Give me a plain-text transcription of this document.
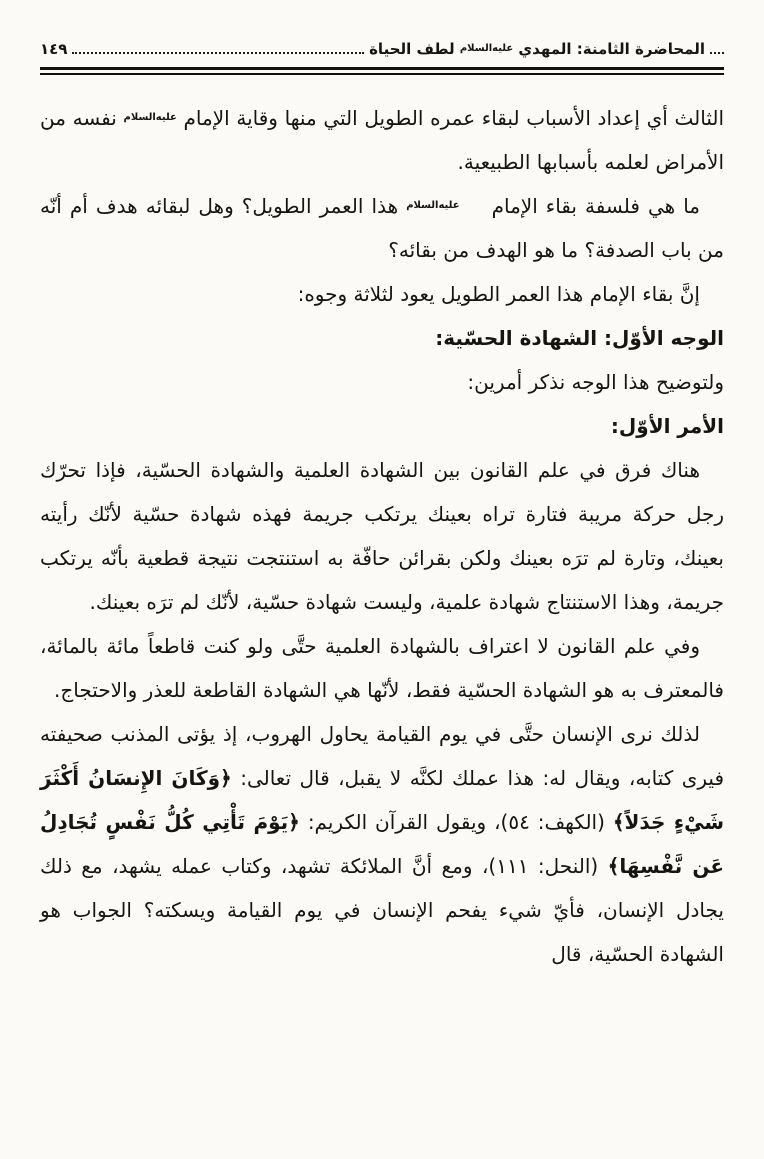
المحاضرة الثامنة: المهدي عليه‌السلام لطف الحياة
١٤٩

الثالث أي إعداد الأسباب لبقاء عمره الطويل التي منها وقاية الإمام عليه‌السلام نفسه من الأمراض لعلمه بأسبابها الطبيعية.

ما هي فلسفة بقاء الإمام عليه‌السلام هذا العمر الطويل؟ وهل لبقائه هدف أم أنّه من باب الصدفة؟ ما هو الهدف من بقائه؟

إنَّ بقاء الإمام هذا العمر الطويل يعود لثلاثة وجوه:

الوجه الأوّل: الشهادة الحسّية:

ولتوضيح هذا الوجه نذكر أمرين:

الأمر الأوّل:

هناك فرق في علم القانون بين الشهادة العلمية والشهادة الحسّية، فإذا تحرّك رجل حركة مريبة فتارة تراه بعينك يرتكب جريمة فهذه شهادة حسّية لأنّك رأيته بعينك، وتارة لم ترَه بعينك ولكن بقرائن حافّة به استنتجت نتيجة قطعية بأنّه يرتكب جريمة، وهذا الاستنتاج شهادة علمية، وليست شهادة حسّية، لأنّك لم ترَه بعينك.

وفي علم القانون لا اعتراف بالشهادة العلمية حتَّى ولو كنت قاطعاً مائة بالمائة، فالمعترف به هو الشهادة الحسّية فقط، لأنّها هي الشهادة القاطعة للعذر والاحتجاج.

لذلك نرى الإنسان حتَّى في يوم القيامة يحاول الهروب، إذ يؤتى المذنب صحيفته فيرى كتابه، ويقال له: هذا عملك لكنَّه لا يقبل، قال تعالى: ﴿وَكَانَ الإِنسَانُ أَكْثَرَ شَيْءٍ جَدَلاً﴾ (الكهف: ٥٤)، ويقول القرآن الكريم: ﴿يَوْمَ تَأْتِي كُلُّ نَفْسٍ تُجَادِلُ عَن نَّفْسِهَا﴾ (النحل: ١١١)، ومع أنَّ الملائكة تشهد، وكتاب عمله يشهد، مع ذلك يجادل الإنسان، فأيّ شيء يفحم الإنسان في يوم القيامة ويسكته؟ الجواب هو الشهادة الحسّية، قال
